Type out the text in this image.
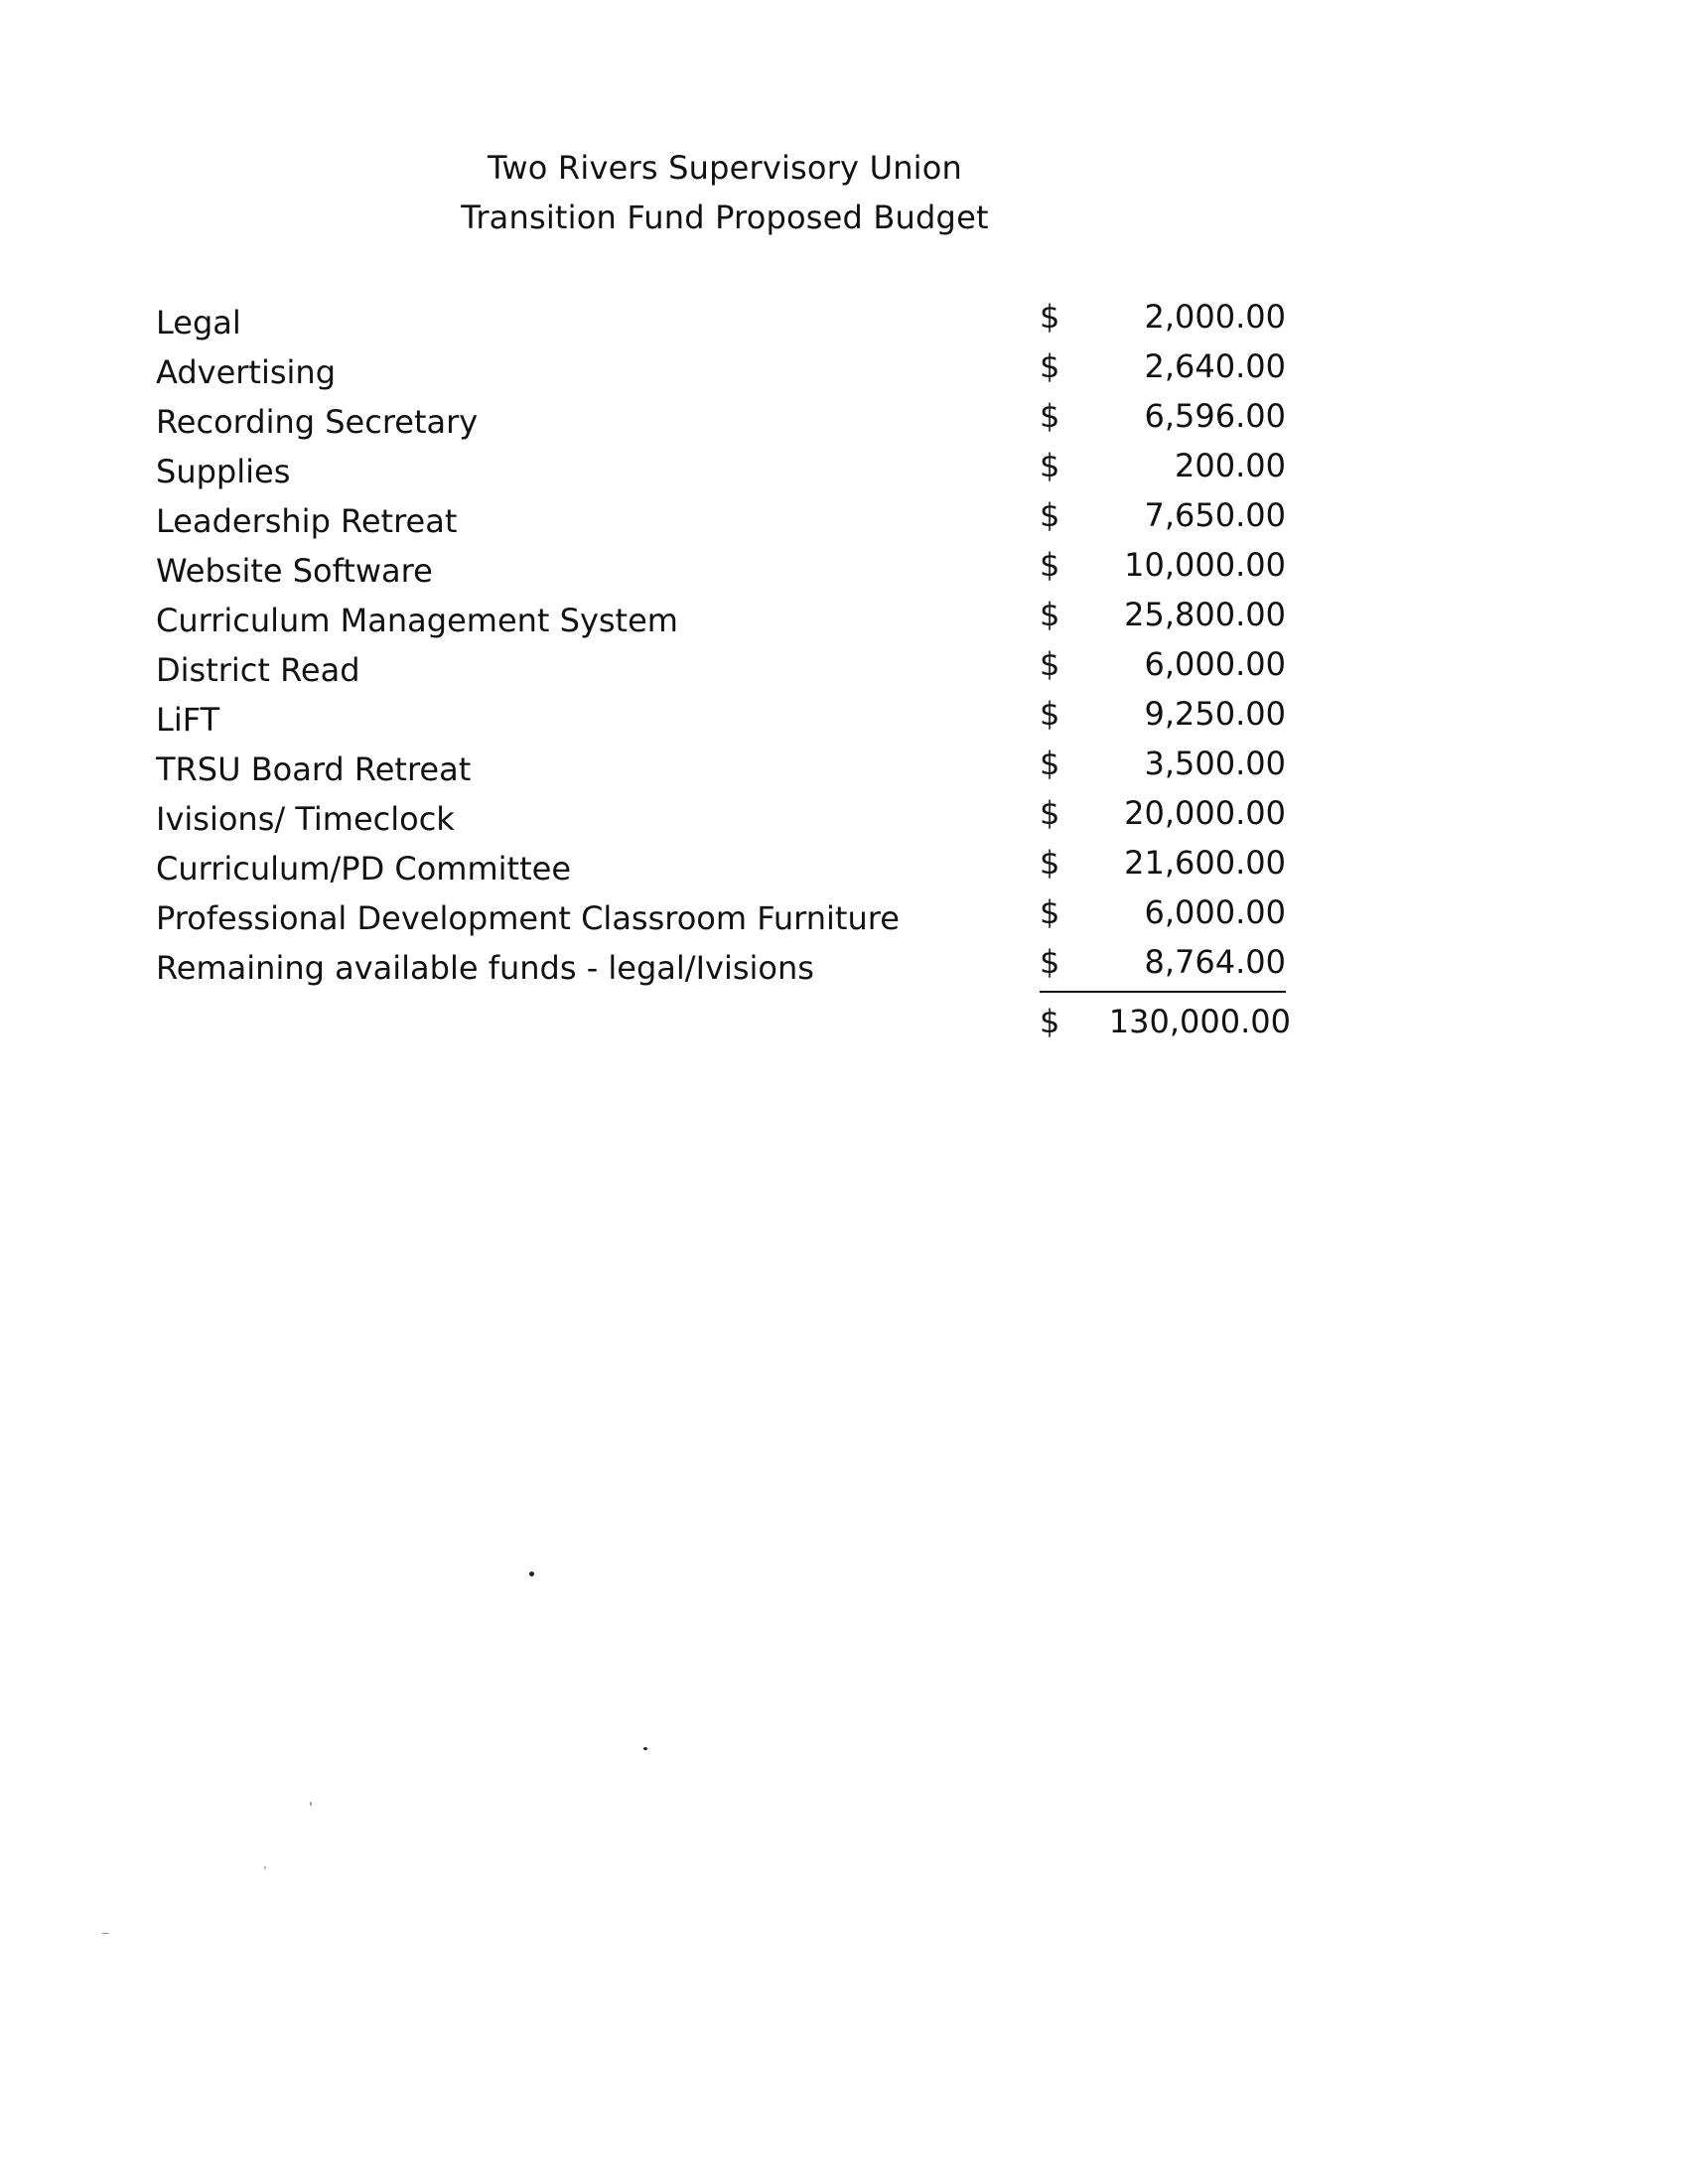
Two Rivers Supervisory Union
Transition Fund Proposed Budget
Legal	$	2,000.00
Advertising	$	2,640.00
Recording Secretary	$	6,596.00
Supplies	$	200.00
Leadership Retreat	$	7,650.00
Website Software	$ 10,000.00
Curriculum Management System	$ 25,800.00
District Read	$	6,000.00
LiFT	$	9,250.00
TRSU Board Retreat	$	3,500.00
Ivisions/ Timeclock	$ 20,000.00
Curriculum/PD Committee	$ 21,600.00
Professional Development Classroom Furniture	$	6,000.00
Remaining available funds - legal/Ivisions	$	8,764.00
$ 130,000.00
